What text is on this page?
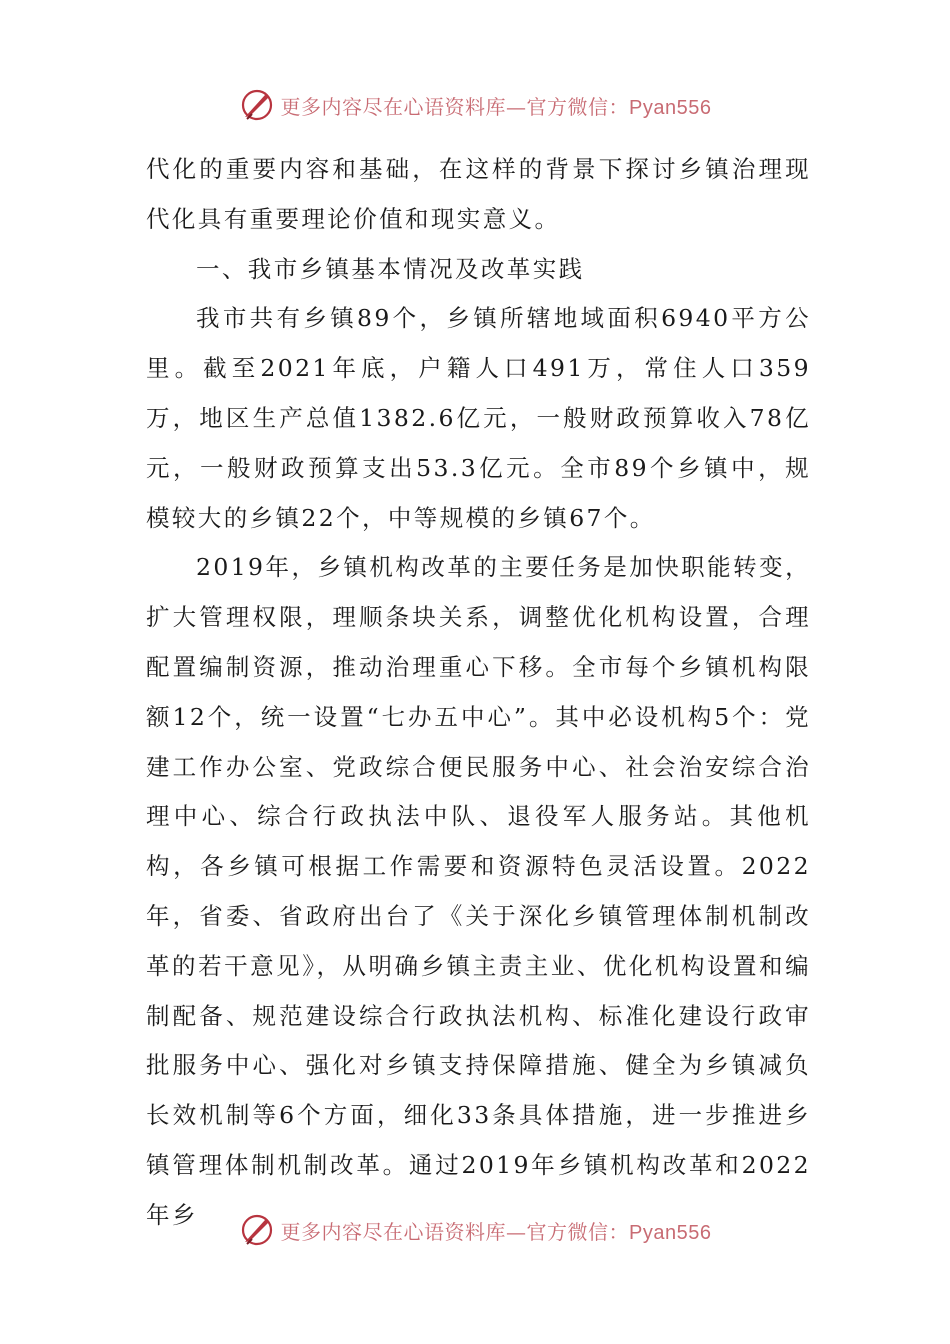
更多内容尽在心语资料库—官方微信：Pyan556

代化的重要内容和基础，在这样的背景下探讨乡镇治理现代化具有重要理论价值和现实意义。

一、我市乡镇基本情况及改革实践

我市共有乡镇89个，乡镇所辖地域面积6940平方公里。截至2021年底，户籍人口491万，常住人口359万，地区生产总值1382.6亿元，一般财政预算收入78亿元，一般财政预算支出53.3亿元。全市89个乡镇中，规模较大的乡镇22个，中等规模的乡镇67个。

2019年，乡镇机构改革的主要任务是加快职能转变，扩大管理权限，理顺条块关系，调整优化机构设置，合理配置编制资源，推动治理重心下移。全市每个乡镇机构限额12个，统一设置“七办五中心”。其中必设机构5个：党建工作办公室、党政综合便民服务中心、社会治安综合治理中心、综合行政执法中队、退役军人服务站。其他机构，各乡镇可根据工作需要和资源特色灵活设置。2022年，省委、省政府出台了《关于深化乡镇管理体制机制改革的若干意见》，从明确乡镇主责主业、优化机构设置和编制配备、规范建设综合行政执法机构、标准化建设行政审批服务中心、强化对乡镇支持保障措施、健全为乡镇减负长效机制等6个方面，细化33条具体措施，进一步推进乡镇管理体制机制改革。通过2019年乡镇机构改革和2022年乡

更多内容尽在心语资料库—官方微信：Pyan556
